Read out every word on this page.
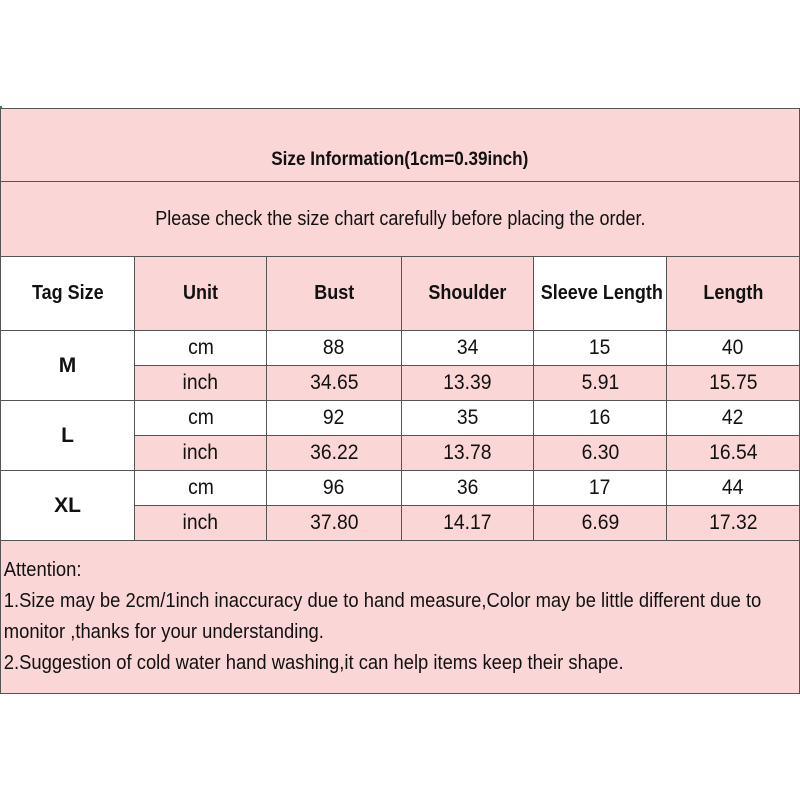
Size Information(1cm=0.39inch)					
Please check the size chart carefully before placing the order.					
Tag Size	Unit	Bust	Shoulder	Sleeve Length	Length
M	cm	88	34	15	40
	inch	34.65	13.39	5.91	15.75
L	cm	92	35	16	42
	inch	36.22	13.78	6.30	16.54
XL	cm	96	36	17	44
	inch	37.80	14.17	6.69	17.32

Attention:
1.Size may be 2cm/1inch inaccuracy due to hand measure,Color may be little different due to
monitor ,thanks for your understanding.
2.Suggestion of cold water hand washing,it can help items keep their shape.					
